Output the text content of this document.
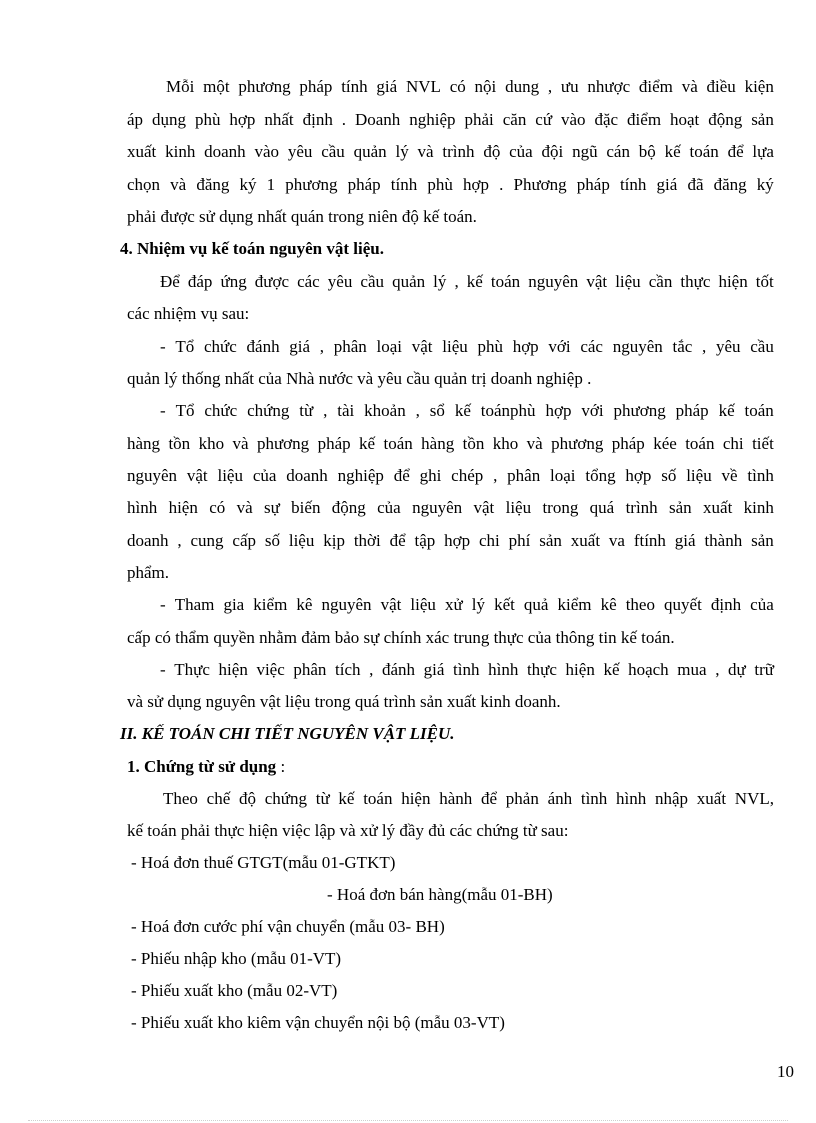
Mỗi một phương pháp tính giá NVL có nội dung , ưu nhược điểm và điều kiện

áp dụng phù hợp nhất định . Doanh nghiệp phải căn cứ vào đặc điểm hoạt động sản

xuất kinh doanh vào yêu cầu quản lý và trình độ của đội ngũ cán bộ kế toán để lựa

chọn và đăng ký 1 phương pháp tính phù hợp . Phương pháp tính giá đã đăng ký

phải được sử dụng nhất quán trong niên độ kế toán.

4. Nhiệm vụ kế toán nguyên vật liệu.

Để đáp ứng được các yêu cầu quản lý , kế toán nguyên vật liệu cần thực hiện tốt

các nhiệm vụ sau:

- Tổ chức đánh giá , phân loại vật liệu phù hợp với các nguyên tắc , yêu cầu

quản lý thống nhất của Nhà nước và yêu cầu quản trị doanh nghiệp .

- Tổ chức chứng từ , tài khoản , sổ kế toánphù hợp với phương pháp kế toán

hàng tồn kho và phương pháp kế toán hàng tồn kho và phương pháp kée toán chi tiết

nguyên vật liệu của doanh nghiệp để ghi chép , phân loại tổng hợp số liệu về tình

hình hiện có và sự biến động của nguyên vật liệu trong quá trình sản xuất kinh

doanh , cung cấp số liệu kịp thời để tập hợp chi phí sản xuất va ftính giá thành sản

phẩm.

- Tham gia kiểm kê nguyên vật liệu xử lý kết quả kiểm kê theo quyết định của

cấp có thẩm quyền nhằm đảm bảo sự chính xác trung thực của thông tin kế toán.

- Thực hiện việc phân tích , đánh giá tình hình thực hiện kế hoạch mua , dự trữ

và sử dụng nguyên vật liệu trong quá trình sản xuất kinh doanh.

II. KẾ TOÁN CHI TIẾT NGUYÊN VẬT LIỆU.

1. Chứng từ sử dụng :

Theo chế độ chứng từ kế toán hiện hành để phản ánh tình hình nhập xuất NVL,

kế toán phải thực hiện việc lập và xử lý đầy đủ các chứng từ sau:

- Hoá đơn thuế GTGT(mẫu 01-GTKT)

- Hoá đơn bán hàng(mẫu 01-BH)

- Hoá đơn cước phí vận chuyển (mẫu 03- BH)

- Phiếu nhập kho (mẫu 01-VT)

- Phiếu xuất kho (mẫu 02-VT)

- Phiếu xuất kho kiêm vận chuyển nội bộ (mẫu 03-VT)

10
